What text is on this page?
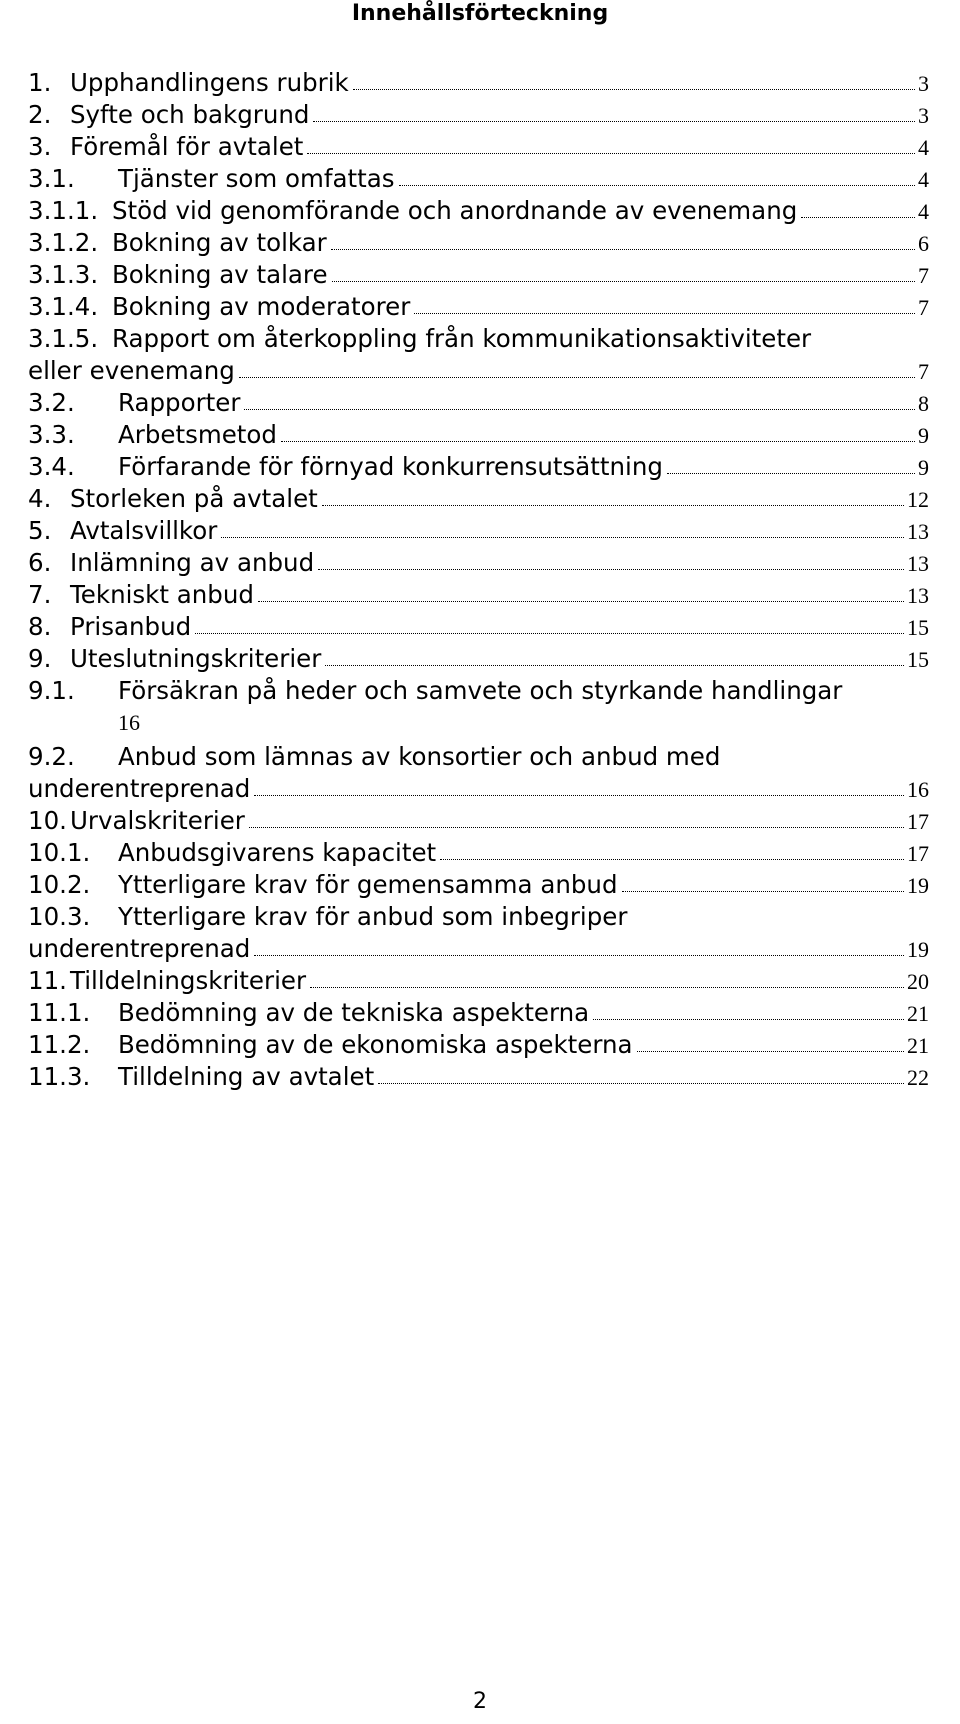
Innehållsförteckning
1. Upphandlingens rubrik	3
2. Syfte och bakgrund	3
3. Föremål för avtalet	4
3.1.	Tjänster som omfattas	4
3.1.1. Stöd vid genomförande och anordnande av evenemang	4
3.1.2. Bokning av tolkar	6
3.1.3. Bokning av talare	7
3.1.4. Bokning av moderatorer	7
3.1.5. Rapport om återkoppling från kommunikationsaktiviteter
eller evenemang	7
3.2.	Rapporter	8
3.3.	Arbetsmetod	9
3.4.	Förfarande för förnyad konkurrensutsättning	9
4. Storleken på avtalet	12
5. Avtalsvillkor	13
6. Inlämning av anbud	13
7. Tekniskt anbud	13
8. Prisanbud	15
9. Uteslutningskriterier	15
9.1.	Försäkran på heder och samvete och styrkande handlingar
16
9.2.	Anbud som lämnas av konsortier och anbud med
underentreprenad	16
10. Urvalskriterier	17
10.1.	Anbudsgivarens kapacitet	17
10.2.	Ytterligare krav för gemensamma anbud	19
10.3.	Ytterligare krav för anbud som inbegriper
underentreprenad	19
11. Tilldelningskriterier	20
11.1.	Bedömning av de tekniska aspekterna	21
11.2.	Bedömning av de ekonomiska aspekterna	21
11.3.	Tilldelning av avtalet	22
2
